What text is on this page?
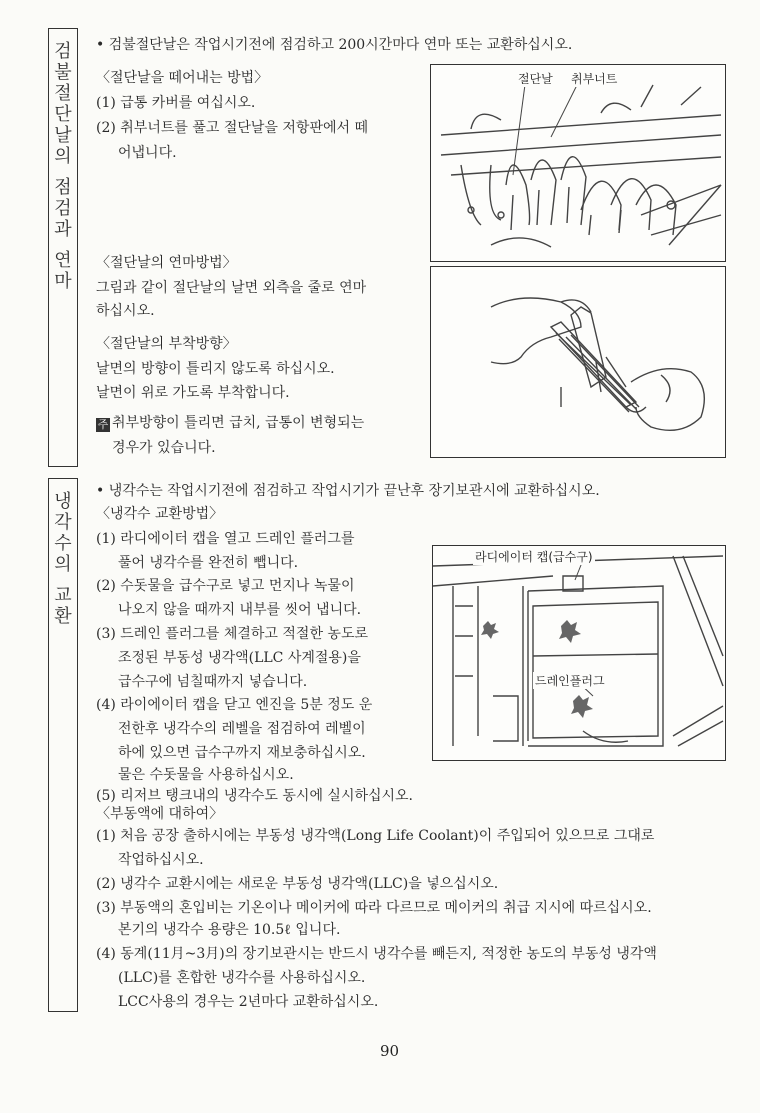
검
불
절
단
날
의
점
검
과
연
마
• 검불절단날은 작업시기전에 점검하고 200시간마다 연마 또는 교환하십시오.
〈절단날을 떼어내는 방법〉
(1) 급통 카버를 여십시오.
(2) 취부너트를 풀고 절단날을 저항판에서 떼
어냅니다.
〈절단날의 연마방법〉
그림과 같이 절단날의 날면 외측을 줄로 연마
하십시오.
〈절단날의 부착방향〉
날면의 방향이 틀리지 않도록 하십시오.
날면이 위로 가도록 부착합니다.
주 취부방향이 틀리면 급치, 급통이 변형되는
경우가 있습니다.
절단날 취부너트
냉
각
수
의
교
환
• 냉각수는 작업시기전에 점검하고 작업시기가 끝난후 장기보관시에 교환하십시오.
〈냉각수 교환방법〉
(1) 라디에이터 캡을 열고 드레인 플러그를
풀어 냉각수를 완전히 뺍니다.
(2) 수돗물을 급수구로 넣고 먼지나 녹물이
나오지 않을 때까지 내부를 씻어 냅니다.
(3) 드레인 플러그를 체결하고 적절한 농도로
조정된 부동성 냉각액(LLC 사계절용)을
급수구에 넘칠때까지 넣습니다.
(4) 라이에이터 캡을 닫고 엔진을 5분 정도 운
전한후 냉각수의 레벨을 점검하여 레벨이
하에 있으면 급수구까지 재보충하십시오.
물은 수돗물을 사용하십시오.
(5) 리저브 탱크내의 냉각수도 동시에 실시하십시오.
〈부동액에 대하여〉
(1) 처음 공장 출하시에는 부동성 냉각액(Long Life Coolant)이 주입되어 있으므로 그대로
작업하십시오.
(2) 냉각수 교환시에는 새로운 부동성 냉각액(LLC)을 넣으십시오.
(3) 부동액의 혼입비는 기온이나 메이커에 따라 다르므로 메이커의 취급 지시에 따르십시오.
본기의 냉각수 용량은 10.5ℓ 입니다.
(4) 동계(11月~3月)의 장기보관시는 반드시 냉각수를 빼든지, 적정한 농도의 부동성 냉각액
(LLC)를 혼합한 냉각수를 사용하십시오.
LCC사용의 경우는 2년마다 교환하십시오.
라디에이터 캡(급수구)
드레인플러그
90
